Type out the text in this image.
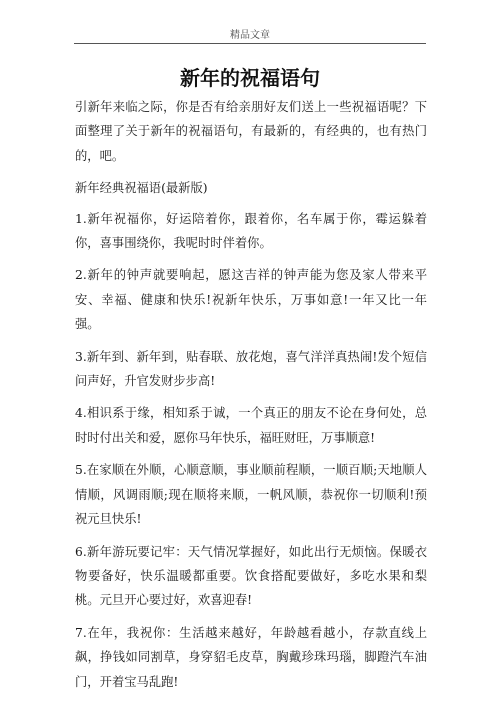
精品文章
新年的祝福语句

引新年来临之际，你是否有给亲朋好友们送上一些祝福语呢？下面整理了关于新年的祝福语句，有最新的，有经典的，也有热门的，吧。

新年经典祝福语(最新版)

1.新年祝福你，好运陪着你，跟着你，名车属于你，霉运躲着你，喜事围绕你，我呢时时伴着你。

2.新年的钟声就要响起，愿这吉祥的钟声能为您及家人带来平安、幸福、健康和快乐!祝新年快乐，万事如意!一年又比一年强。

3.新年到、新年到，贴春联、放花炮，喜气洋洋真热闹!发个短信问声好，升官发财步步高!

4.相识系于缘，相知系于诚，一个真正的朋友不论在身何处，总时时付出关和爱，愿你马年快乐，福旺财旺，万事顺意!

5.在家顺在外顺，心顺意顺，事业顺前程顺，一顺百顺;天地顺人情顺，风调雨顺;现在顺将来顺，一帆风顺，恭祝你一切顺利!预祝元旦快乐!

6.新年游玩要记牢：天气情况掌握好，如此出行无烦恼。保暖衣物要备好，快乐温暖都重要。饮食搭配要做好，多吃水果和梨桃。元旦开心要过好，欢喜迎春!

7.在年，我祝你：生活越来越好，年龄越看越小，存款直线上飙，挣钱如同割草，身穿貂毛皮草，胸戴珍珠玛瑙，脚蹬汽车油门，开着宝马乱跑!
